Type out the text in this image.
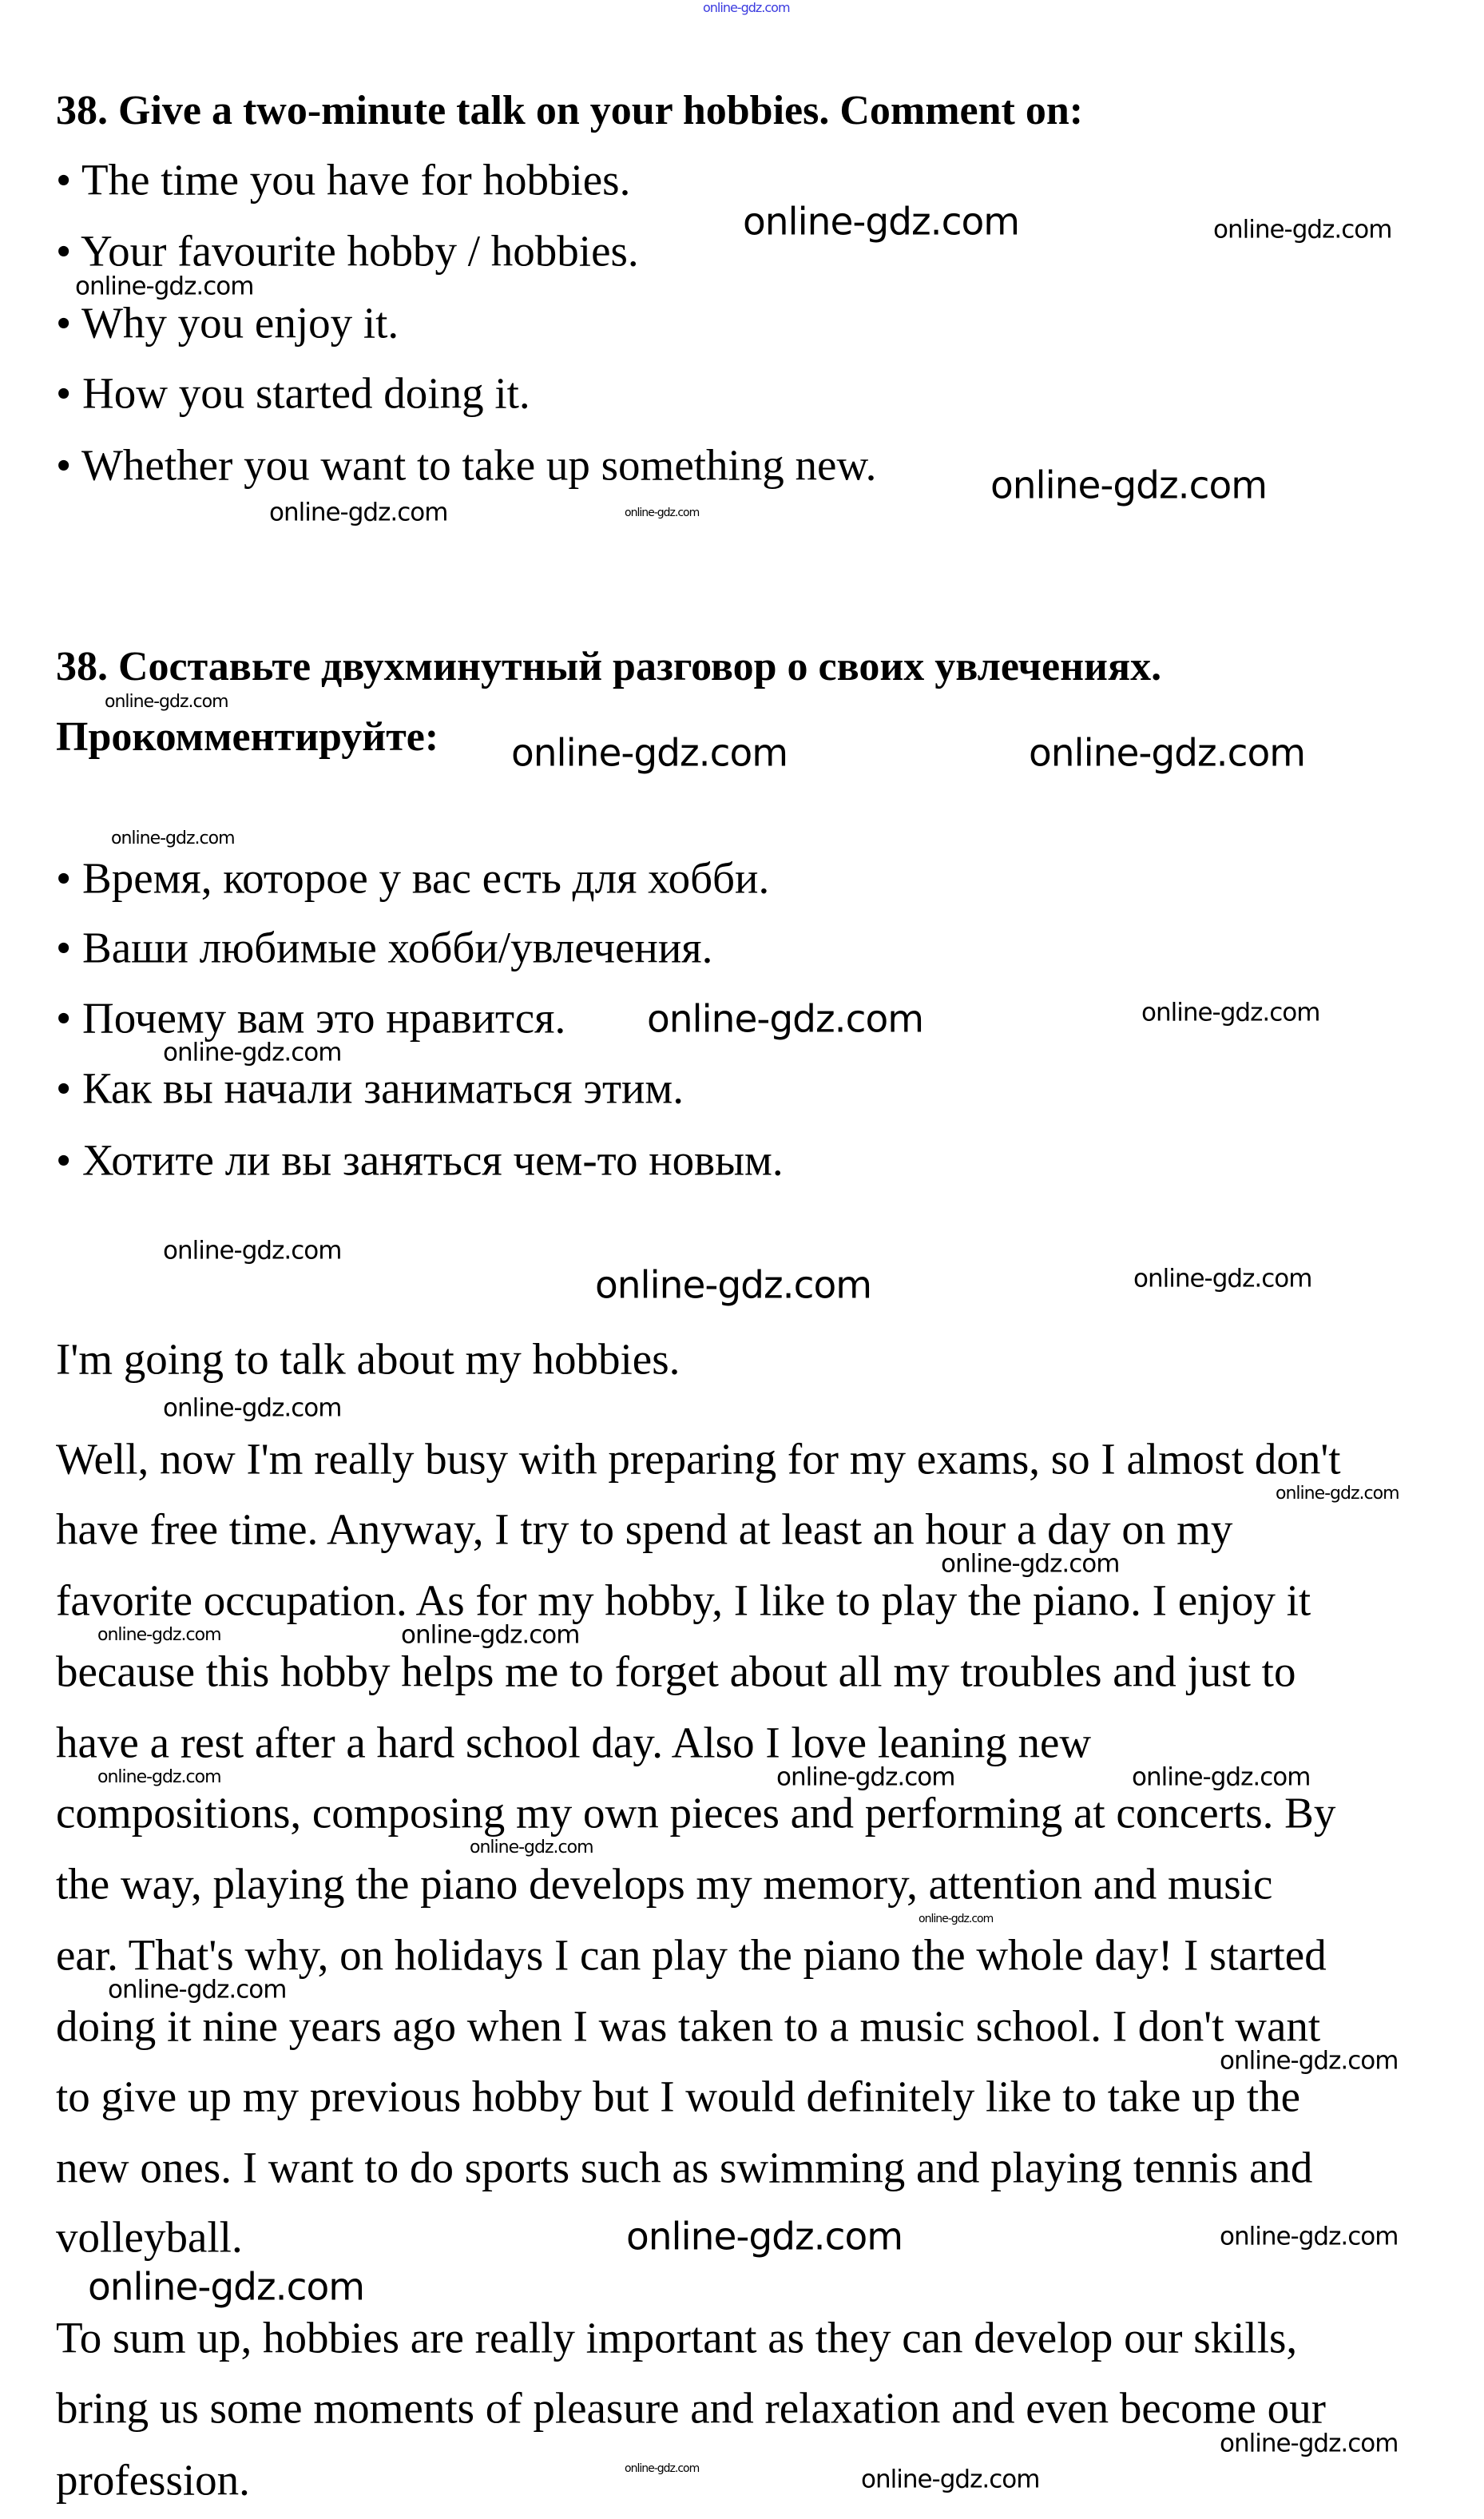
38. Give a two-minute talk on your hobbies. Comment on:
• The time you have for hobbies.
• Your favourite hobby / hobbies.
• Why you enjoy it.
• How you started doing it.
• Whether you want to take up something new.
38. Составьте двухминутный разговор о своих увлечениях.
Прокомментируйте:
• Время, которое у вас есть для хобби.
• Ваши любимые хобби/увлечения.
• Почему вам это нравится.
• Как вы начали заниматься этим.
• Хотите ли вы заняться чем-то новым.
I'm going to talk about my hobbies.
Well, now I'm really busy with preparing for my exams, so I almost don't
have free time. Anyway, I try to spend at least an hour a day on my
favorite occupation. As for my hobby, I like to play the piano. I enjoy it
because this hobby helps me to forget about all my troubles and just to
have a rest after a hard school day. Also I love leaning new
compositions, composing my own pieces and performing at concerts. By
the way, playing the piano develops my memory, attention and music
ear. That's why, on holidays I can play the piano the whole day! I started
doing it nine years ago when I was taken to a music school. I don't want
to give up my previous hobby but I would definitely like to take up the
new ones. I want to do sports such as swimming and playing tennis and
volleyball.
To sum up, hobbies are really important as they can develop our skills,
bring us some moments of pleasure and relaxation and even become our
profession.
online-gdz.com
online-gdz.com	online-gdz.com
online-gdz.com
online-gdz.com
online-gdz.com	online-gdz.com
online-gdz.com
online-gdz.com	online-gdz.com
online-gdz.com
online-gdz.com	online-gdz.com
online-gdz.com
online-gdz.com
online-gdz.com	online-gdz.com
online-gdz.com
online-gdz.com
online-gdz.com
online-gdz.com	online-gdz.com
online-gdz.com	online-gdz.com	online-gdz.com
online-gdz.com
online-gdz.com
online-gdz.com
online-gdz.com
online-gdz.com	online-gdz.com
online-gdz.com
online-gdz.com	online-gdz.com
online-gdz.com
